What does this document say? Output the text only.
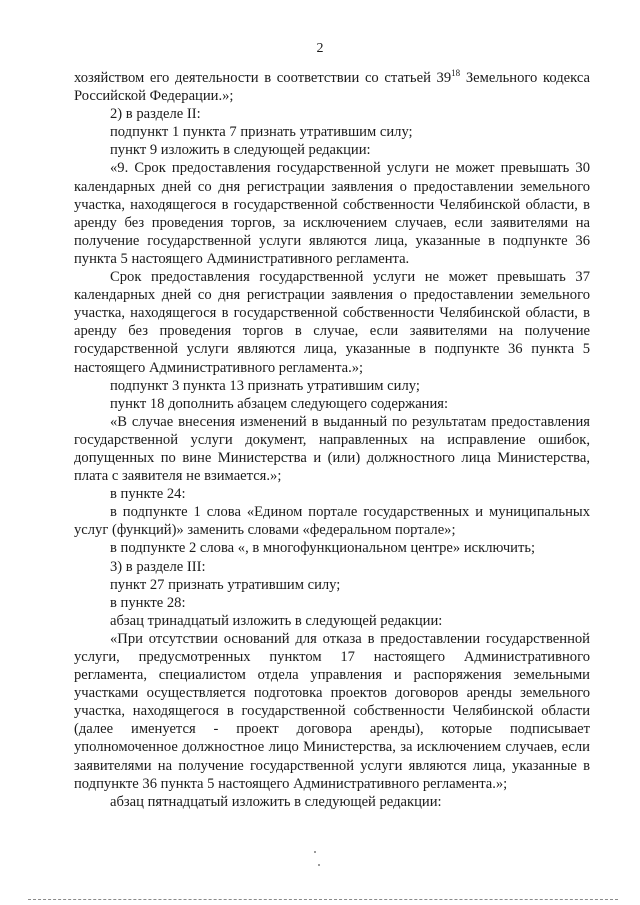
2

хозяйством его деятельности в соответствии со статьей $39^{18}$ Земельного кодекса Российской Федерации.»;

2) в разделе II:

подпункт 1 пункта 7 признать утратившим силу;

пункт 9 изложить в следующей редакции:

«9. Срок предоставления государственной услуги не может превышать 30 календарных дней со дня регистрации заявления о предоставлении земельного участка, находящегося в государственной собственности Челябинской области, в аренду без проведения торгов, за исключением случаев, если заявителями на получение государственной услуги являются лица, указанные в подпункте 36 пункта 5 настоящего Административного регламента.

Срок предоставления государственной услуги не может превышать 37 календарных дней со дня регистрации заявления о предоставлении земельного участка, находящегося в государственной собственности Челябинской области, в аренду без проведения торгов в случае, если заявителями на получение государственной услуги являются лица, указанные в подпункте 36 пункта 5 настоящего Административного регламента.»;

подпункт 3 пункта 13 признать утратившим силу;

пункт 18 дополнить абзацем следующего содержания:

«В случае внесения изменений в выданный по результатам предоставления государственной услуги документ, направленных на исправление ошибок, допущенных по вине Министерства и (или) должностного лица Министерства, плата с заявителя не взимается.»;

в пункте 24:

в подпункте 1 слова «Едином портале государственных и муниципальных услуг (функций)» заменить словами «федеральном портале»;

в подпункте 2 слова «, в многофункциональном центре» исключить;

3) в разделе III:

пункт 27 признать утратившим силу;

в пункте 28:

абзац тринадцатый изложить в следующей редакции:

«При отсутствии оснований для отказа в предоставлении государственной услуги, предусмотренных пунктом 17 настоящего Административного регламента, специалистом отдела управления и распоряжения земельными участками осуществляется подготовка проектов договоров аренды земельного участка, находящегося в государственной собственности Челябинской области (далее именуется - проект договора аренды), которые подписывает уполномоченное должностное лицо Министерства, за исключением случаев, если заявителями на получение государственной услуги являются лица, указанные в подпункте 36 пункта 5 настоящего Административного регламента.»;

абзац пятнадцатый изложить в следующей редакции:
